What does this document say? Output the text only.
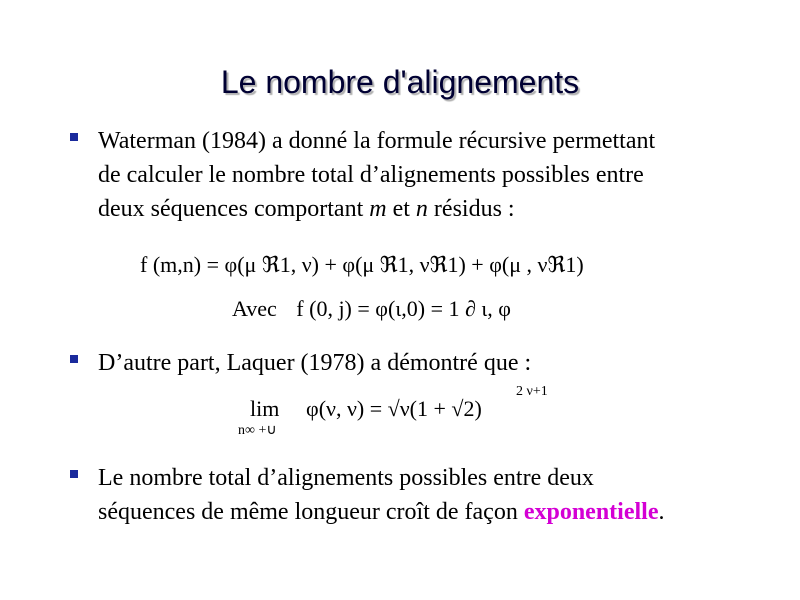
Le nombre d'alignements
Waterman (1984) a donné la formule récursive permettant
de calculer le nombre total d’alignements possibles entre
deux séquences comportant m et n résidus :
f (m,n) = φ(μ ℜ1, ν) + φ(μ ℜ1, νℜ1) + φ(μ , νℜ1)
Avec f (0, j) = φ(ι,0) = 1 ∂ ι, φ
D’autre part, Laquer (1978) a démontré que :
lim
n∞ +∪
φ(ν, ν) = √ν(1 + √2)
2 ν+1
Le nombre total d’alignements possibles entre deux
séquences de même longueur croît de façon exponentielle.
